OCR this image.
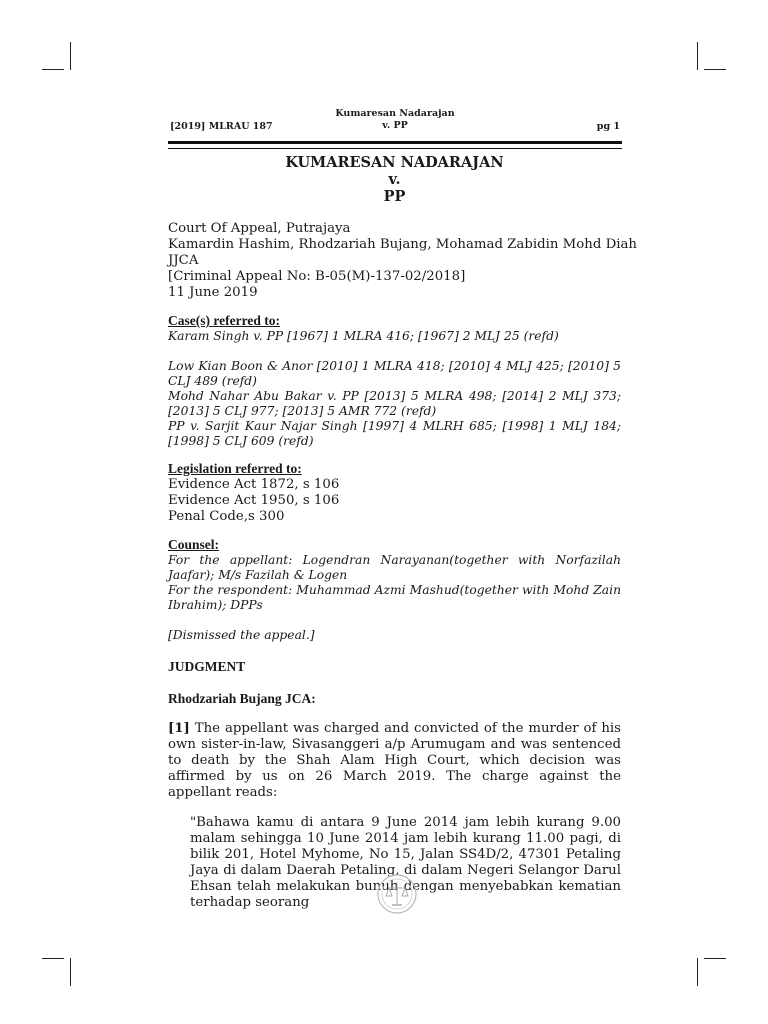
[2019] MLRAU 187
Kumaresan Nadarajan
v. PP	pg 1
KUMARESAN NADARAJAN
v.
PP
Court Of Appeal, Putrajaya
Kamardin Hashim, Rhodzariah Bujang, Mohamad Zabidin Mohd Diah
JJCA
[Criminal Appeal No: B-05(M)-137-02/2018]
11 June 2019
Case(s) referred to:
Karam Singh v. PP [1967] 1 MLRA 416; [1967] 2 MLJ 25 (refd)
Low Kian Boon & Anor [2010] 1 MLRA 418; [2010] 4 MLJ 425; [2010] 5 CLJ 489 (refd)
Mohd Nahar Abu Bakar v. PP [2013] 5 MLRA 498; [2014] 2 MLJ 373; [2013] 5 CLJ 977; [2013] 5 AMR 772 (refd)
PP v. Sarjit Kaur Najar Singh [1997] 4 MLRH 685; [1998] 1 MLJ 184; [1998] 5 CLJ 609 (refd)
Legislation referred to:
Evidence Act 1872, s 106
Evidence Act 1950, s 106
Penal Code,s 300
Counsel:
For the appellant: Logendran Narayanan(together with Norfazilah Jaafar); M/s Fazilah & Logen
For the respondent: Muhammad Azmi Mashud(together with Mohd Zain Ibrahim); DPPs
[Dismissed the appeal.]
JUDGMENT
Rhodzariah Bujang JCA:
[1] The appellant was charged and convicted of the murder of his own sister-in-law, Sivasanggeri a/p Arumugam and was sentenced to death by the Shah Alam High Court, which decision was affirmed by us on 26 March 2019. The charge against the appellant reads:
"Bahawa kamu di antara 9 June 2014 jam lebih kurang 9.00 malam sehingga 10 June 2014 jam lebih kurang 11.00 pagi, di bilik 201, Hotel Myhome, No 15, Jalan SS4D/2, 47301 Petaling Jaya di dalam Daerah Petaling, di dalam Negeri Selangor Darul Ehsan telah melakukan bunuh dengan menyebabkan kematian terhadap seorang
